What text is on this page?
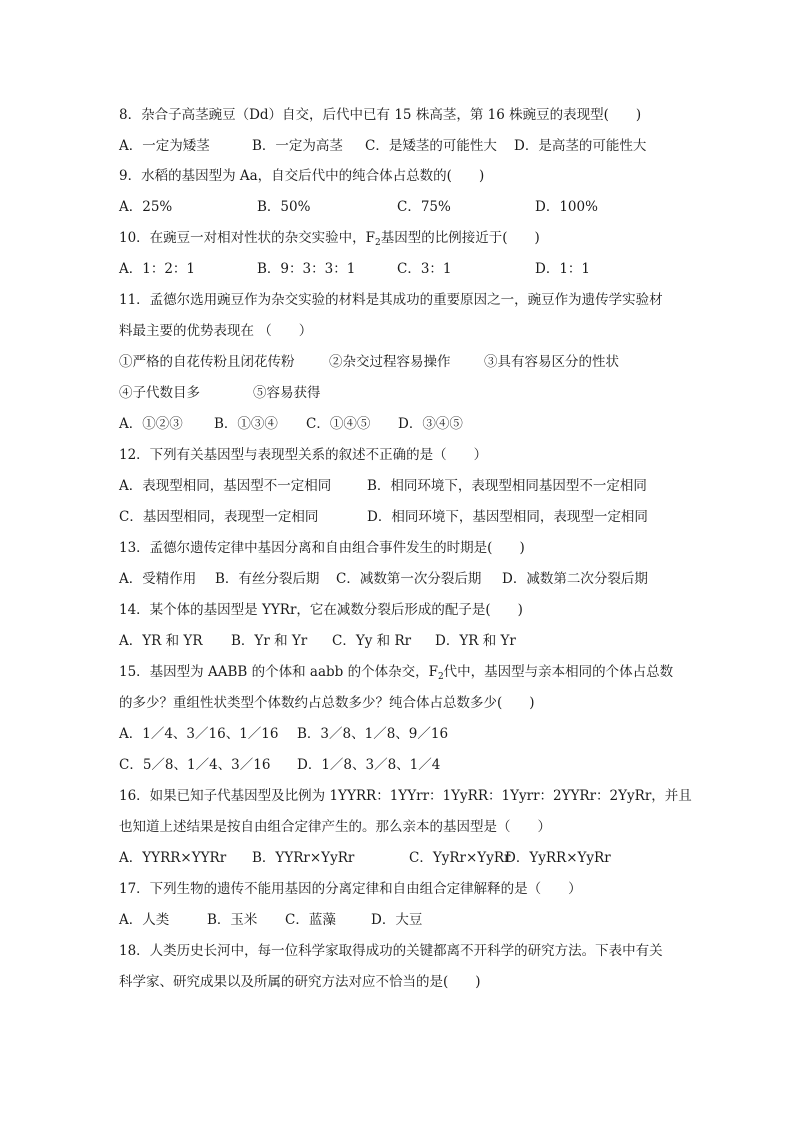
8．杂合子高茎豌豆（Dd）自交，后代中已有 15 株高茎，第 16 株豌豆的表现型(　　)
A．一定为矮茎	B．一定为高茎	C．是矮茎的可能性大	D．是高茎的可能性大
9．水稻的基因型为 Aa，自交后代中的纯合体占总数的(　　)
A．25%	B．50%	C．75%	D．100%
10．在豌豆一对相对性状的杂交实验中，$F_2$基因型的比例接近于(　　)
A．1：2：1	B．9：3：3：1	C．3：1	D．1：1
11．孟德尔选用豌豆作为杂交实验的材料是其成功的重要原因之一，豌豆作为遗传学实验材
料最主要的优势表现在 （　　）
①严格的自花传粉且闭花传粉	②杂交过程容易操作	③具有容易区分的性状
④子代数目多	⑤容易获得
A．①②③	B．①③④	C．①④⑤	D．③④⑤
12．下列有关基因型与表现型关系的叙述不正确的是（　　）
A．表现型相同，基因型不一定相同	B．相同环境下，表现型相同基因型不一定相同
C．基因型相同，表现型一定相同	D．相同环境下，基因型相同，表现型一定相同
13．孟德尔遗传定律中基因分离和自由组合事件发生的时期是(　　)
A．受精作用	B．有丝分裂后期	C．减数第一次分裂后期	D．减数第二次分裂后期
14．某个体的基因型是 YYRr，它在减数分裂后形成的配子是(　　)
A．YR 和 YR	B．Yr 和 Yr	C．Yy 和 Rr	D．YR 和 Yr
15．基因型为 AABB 的个体和 aabb 的个体杂交，$F_2$代中，基因型与亲本相同的个体占总数
的多少？重组性状类型个体数约占总数多少？纯合体占总数多少(　　)
A．1／4、3／16、1／16	B．3／8、1／8、9／16
C．5／8、1／4、3／16	D．1／8、3／8、1／4
16．如果已知子代基因型及比例为 1YYRR：1YYrr：1YyRR：1Yyrr：2YYRr：2YyRr，并且
也知道上述结果是按自由组合定律产生的。那么亲本的基因型是（　　）
A．YYRR×YYRr	B．YYRr×YyRr	C．YyRr×YyRr
D．YyRR×YyRr
17．下列生物的遗传不能用基因的分离定律和自由组合定律解释的是（　　）
A．人类	B．玉米	C．蓝藻	D．大豆
18．人类历史长河中，每一位科学家取得成功的关键都离不开科学的研究方法。下表中有关
科学家、研究成果以及所属的研究方法对应不恰当的是(　　)
